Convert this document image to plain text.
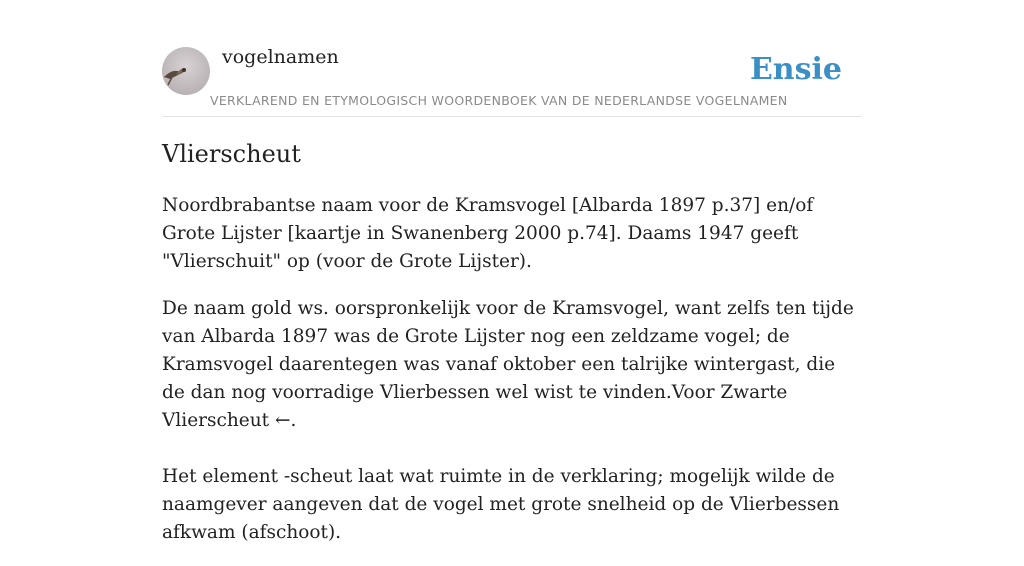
vogelnamen
VERKLAREND EN ETYMOLOGISCH WOORDENBOEK VAN DE NEDERLANDSE VOGELNAMEN
Ensie
Vlierscheut

Noordbrabantse naam voor de Kramsvogel [Albarda 1897 p.37] en/of Grote Lijster [kaartje in Swanenberg 2000 p.74]. Daams 1947 geeft "Vlierschuit" op (voor de Grote Lijster).

De naam gold ws. oorspronkelijk voor de Kramsvogel, want zelfs ten tijde van Albarda 1897 was de Grote Lijster nog een zeldzame vogel; de Kramsvogel daarentegen was vanaf oktober een talrijke wintergast, die de dan nog voorradige Vlierbessen wel wist te vinden.Voor Zwarte Vlierscheut ←.

Het element -scheut laat wat ruimte in de verklaring; mogelijk wilde de naamgever aangeven dat de vogel met grote snelheid op de Vlierbessen afkwam (afschoot).
